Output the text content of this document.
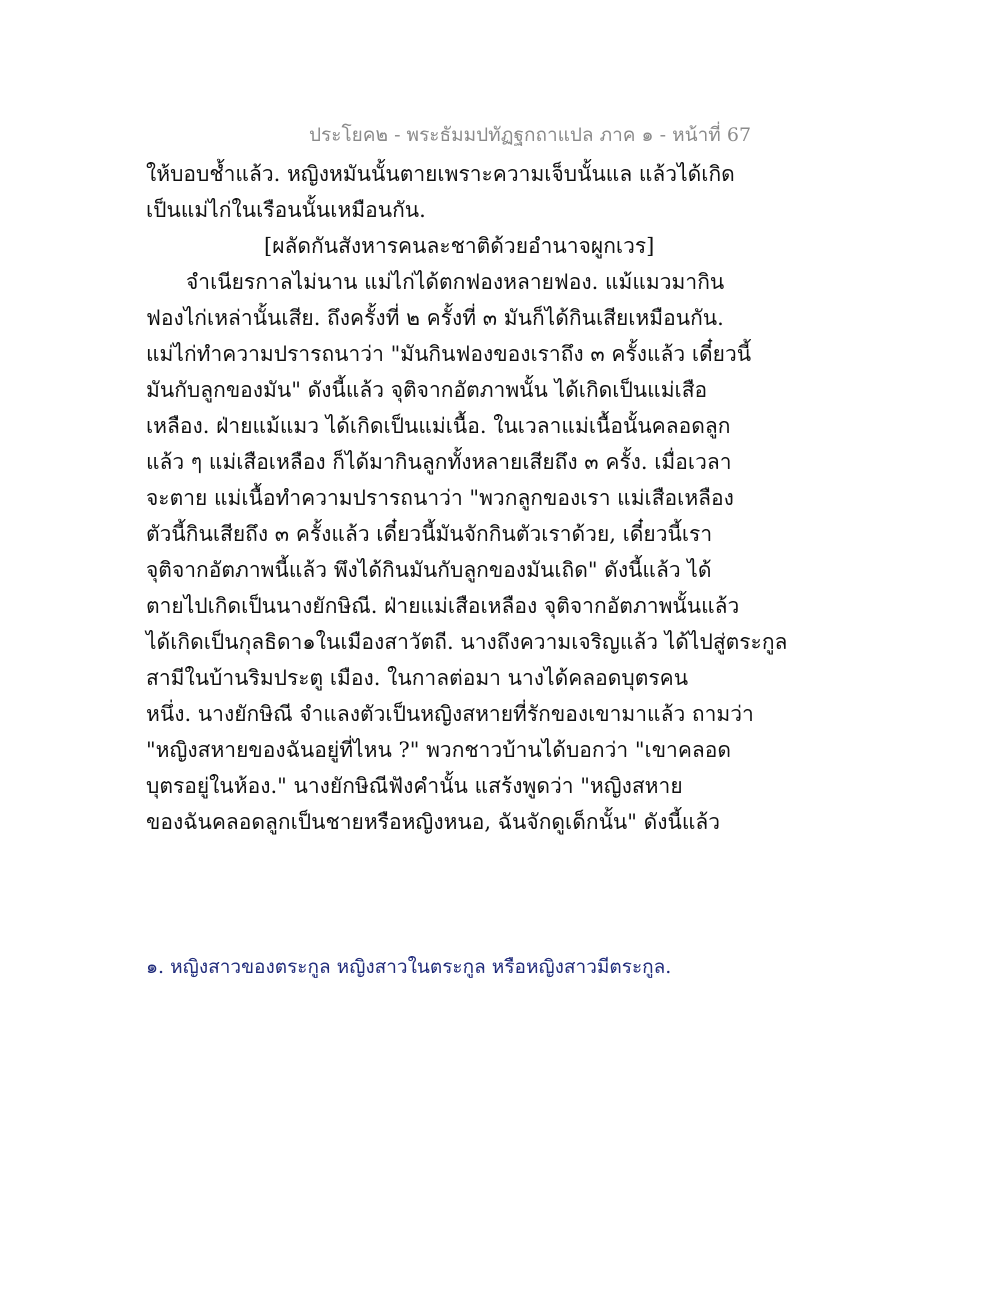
ประโยค๒ - พระธัมมปทัฏฐกถาแปล ภาค ๑ - หน้าที่ 67
ให้บอบช้ำแล้ว. หญิงหมันนั้นตายเพราะความเจ็บนั้นแล แล้วได้เกิด
เป็นแม่ไก่ในเรือนนั้นเหมือนกัน.
[ผลัดกันสังหารคนละชาติด้วยอำนาจผูกเวร]
จำเนียรกาลไม่นาน แม่ไก่ได้ตกฟองหลายฟอง. แม้แมวมากิน
ฟองไก่เหล่านั้นเสีย. ถึงครั้งที่ ๒ ครั้งที่ ๓ มันก็ได้กินเสียเหมือนกัน.
แม่ไก่ทำความปรารถนาว่า "มันกินฟองของเราถึง ๓ ครั้งแล้ว เดี๋ยวนี้
มันกับลูกของมัน" ดังนี้แล้ว จุติจากอัตภาพนั้น ได้เกิดเป็นแม่เสือ
เหลือง. ฝ่ายแม้แมว ได้เกิดเป็นแม่เนื้อ. ในเวลาแม่เนื้อนั้นคลอดลูก
แล้ว ๆ แม่เสือเหลือง ก็ได้มากินลูกทั้งหลายเสียถึง ๓ ครั้ง. เมื่อเวลา
จะตาย แม่เนื้อทำความปรารถนาว่า "พวกลูกของเรา แม่เสือเหลือง
ตัวนี้กินเสียถึง ๓ ครั้งแล้ว เดี๋ยวนี้มันจักกินตัวเราด้วย, เดี๋ยวนี้เรา
จุติจากอัตภาพนี้แล้ว พึงได้กินมันกับลูกของมันเถิด" ดังนี้แล้ว ได้
ตายไปเกิดเป็นนางยักษิณี. ฝ่ายแม่เสือเหลือง จุติจากอัตภาพนั้นแล้ว
ได้เกิดเป็นกุลธิดา๑ในเมืองสาวัตถี. นางถึงความเจริญแล้ว ได้ไปสู่ตระกูล
สามีในบ้านริมประตู เมือง. ในกาลต่อมา นางได้คลอดบุตรคน
หนึ่ง. นางยักษิณี จำแลงตัวเป็นหญิงสหายที่รักของเขามาแล้ว ถามว่า
"หญิงสหายของฉันอยู่ที่ไหน ?" พวกชาวบ้านได้บอกว่า "เขาคลอด
บุตรอยู่ในห้อง." นางยักษิณีฟังคำนั้น แสร้งพูดว่า "หญิงสหาย
ของฉันคลอดลูกเป็นชายหรือหญิงหนอ, ฉันจักดูเด็กนั้น" ดังนี้แล้ว
๑. หญิงสาวของตระกูล หญิงสาวในตระกูล หรือหญิงสาวมีตระกูล.
